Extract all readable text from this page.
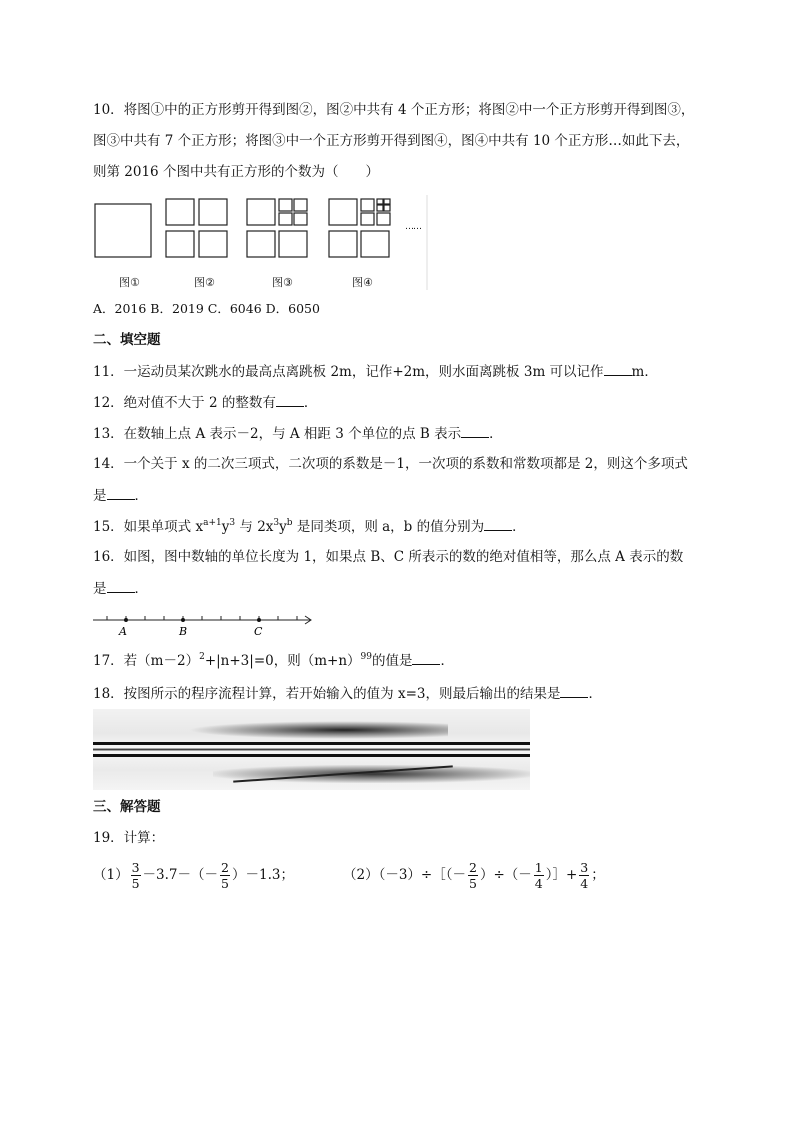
10．将图①中的正方形剪开得到图②，图②中共有 4 个正方形；将图②中一个正方形剪开得到图③，
图③中共有 7 个正方形；将图③中一个正方形剪开得到图④，图④中共有 10 个正方形…如此下去，
则第 2016 个图中共有正方形的个数为（　　）
图①	图②	图③	图④
……
A．2016 B．2019 C．6046 D．6050
二、填空题
11．一运动员某次跳水的最高点离跳板 2m，记作+2m，则水面离跳板 3m 可以记作 m．
12．绝对值不大于 2 的整数有 ．
13．在数轴上点 A 表示－2，与 A 相距 3 个单位的点 B 表示 ．
14．一个关于 x 的二次三项式，二次项的系数是－1，一次项的系数和常数项都是 2，则这个多项式
是 ．
15．如果单项式 $x^{a+1}y^3$ 与 $2x^3y^b$ 是同类项，则 a，b 的值分别为 ．
16．如图，图中数轴的单位长度为 1，如果点 B、C 所表示的数的绝对值相等，那么点 A 表示的数
是 ．
A	B	C
17．若$(m-2)^2+|n+3|=0$，则$(m+n)^{99}$的值是 ．
18．按图所示的程序流程计算，若开始输入的值为 x=3，则最后输出的结果是 ．
三、解答题
19．计算：
$(1) \frac{3}{5} -3.7-(- \frac{2}{5} )-1.3$；	（2）（－3）÷［（－ $\frac{2}{5}$ ）÷（－ $\frac{1}{4}$ ）］+ $\frac{3}{4}$ ；
